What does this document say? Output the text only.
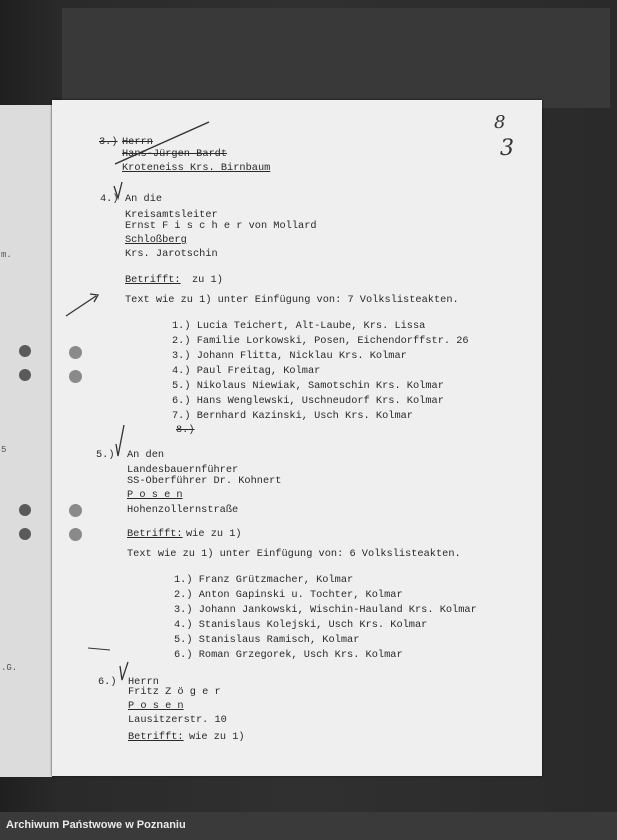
m.
5
.G.
8
3
3.) Herrn
Hans-Jürgen Bardt
Kroteneiss Krs. Birnbaum
4.) An die
Kreisamtsleiter
Ernst F i s c h e r von Mollard
Schloßberg
Krs. Jarotschin
Betrifft: zu 1)
Text wie zu 1) unter Einfügung von: 7 Volkslisteakten.
1.) Lucia Teichert, Alt-Laube, Krs. Lissa
2.) Familie Lorkowski, Posen, Eichendorffstr. 26
3.) Johann Flitta, Nicklau Krs. Kolmar
4.) Paul Freitag, Kolmar
5.) Nikolaus Niewiak, Samotschin Krs. Kolmar
6.) Hans Wenglewski, Uschneudorf Krs. Kolmar
7.) Bernhard Kazinski, Usch Krs. Kolmar
8.)
5.) An den
Landesbauernführer
SS-Oberführer Dr. Kohnert
P o s e n
Hohenzollernstraße
Betrifft: wie zu 1)
Text wie zu 1) unter Einfügung von: 6 Volkslisteakten.
1.) Franz Grützmacher, Kolmar
2.) Anton Gapinski u. Tochter, Kolmar
3.) Johann Jankowski, Wischin-Hauland Krs. Kolmar
4.) Stanislaus Kolejski, Usch Krs. Kolmar
5.) Stanislaus Ramisch, Kolmar
6.) Roman Grzegorek, Usch Krs. Kolmar
6.) Herrn
Fritz Z ö g e r
P o s e n
Lausitzerstr. 10
Betrifft: wie zu 1)
Archiwum Państwowe w Poznaniu
